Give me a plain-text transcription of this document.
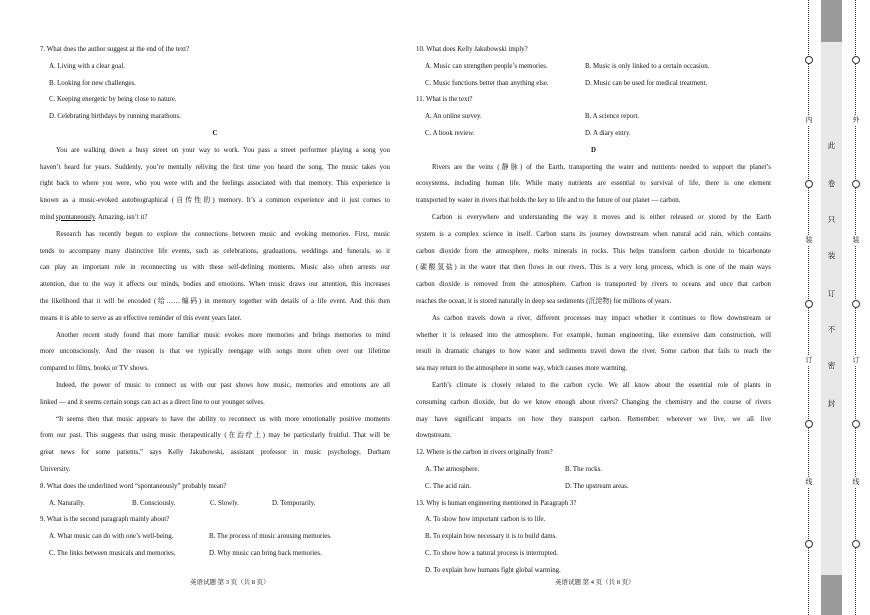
7. What does the author suggest at the end of the text?
A. Living with a clear goal.
B. Looking for new challenges.
C. Keeping energetic by being close to nature.
D. Celebrating birthdays by running marathons.
C
You are walking down a busy street on your way to work. You pass a street performer playing a song you
haven’t heard for years. Suddenly, you’re mentally reliving the first time you heard the song. The music takes you
right back to where you were, who you were with and the feelings associated with that memory. This experience is
known as a music-evoked autobiographical (自传性的) memory. It’s a common experience and it just comes to
mind spontaneously. Amazing, isn’t it?
Research has recently begun to explore the connections between music and evoking memories. First, music
tends to accompany many distinctive life events, such as celebrations, graduations, weddings and funerals, so it
can play an important role in reconnecting us with these self-defining moments. Music also often arrests our
attention, due to the way it affects our minds, bodies and emotions. When music draws our attention, this increases
the likelihood that it will be encoded (给……编码) in memory together with details of a life event. And this then
means it is able to serve as an effective reminder of this event years later.
Another recent study found that more familiar music evokes more memories and brings memories to mind
more unconsciously. And the reason is that we typically reengage with songs more often over our lifetime
compared to films, books or TV shows.
Indeed, the power of music to connect us with our past shows how music, memories and emotions are all
linked — and it seems certain songs can act as a direct line to our younger selves.
“It seems then that music appears to have the ability to reconnect us with more emotionally positive moments
from our past. This suggests that using music therapeutically (在治疗上) may be particularly fruitful. That will be
great news for some patients,” says Kelly Jakubowski, assistant professor in music psychology, Durham
University.
8. What does the underlined word “spontaneously” probably mean?
A. Naturally.	B. Consciously.	C. Slowly.	D. Temporarily.
9. What is the second paragraph mainly about?
A. What music can do with one’s well-being.	B. The process of music arousing memories.
C. The links between musicals and memories.	D. Why music can bring back memories.
英语试题 第 3 页（共 8 页）
10. What does Kelly Jakubowski imply?
A. Music can strengthen people’s memories.	B. Music is only linked to a certain occasion.
C. Music functions better than anything else.	D. Music can be used for medical treatment.
11. What is the text?
A. An online survey.	B. A science report.
C. A book review.	D. A diary entry.
D
Rivers are the veins (静脉) of the Earth, transporting the water and nutrients needed to support the planet’s
ecosystems, including human life. While many nutrients are essential to survival of life, there is one element
transported by water in rivers that holds the key to life and to the future of our planet — carbon.
Carbon is everywhere and understanding the way it moves and is either released or stored by the Earth
system is a complex science in itself. Carbon starts its journey downstream when natural acid rain, which contains
carbon dioxide from the atmosphere, melts minerals in rocks. This helps transform carbon dioxide to bicarbonate
(碳酸氢盐) in the water that then flows in our rivers. This is a very long process, which is one of the main ways
carbon dioxide is removed from the atmosphere. Carbon is transported by rivers to oceans and once that carbon
reaches the ocean, it is stored naturally in deep sea sediments (沉淀物) for millions of years.
As carbon travels down a river, different processes may impact whether it continues to flow downstream or
whether it is released into the atmosphere. For example, human engineering, like extensive dam construction, will
result in dramatic changes to how water and sediments travel down the river. Some carbon that fails to reach the
sea may return to the atmosphere in some way, which causes more warming.
Earth’s climate is closely related to the carbon cycle. We all know about the essential role of plants in
consuming carbon dioxide, but do we know enough about rivers? Changing the chemistry and the course of rivers
may have significant impacts on how they transport carbon. Remember: wherever we live, we all live
downstream.
12. Where is the carbon in rivers originally from?
A. The atmosphere.	B. The rocks.
C. The acid rain.	D. The upstream areas.
13. Why is human engineering mentioned in Paragraph 3?
A. To show how important carbon is to life.
B. To explain how necessary it is to build dams.
C. To show how a natural process is interrupted.
D. To explain how humans fight global warming.
英语试题 第 4 页（共 8 页）
内
装
订
线
此
卷
只
装
订
不
密
封
外
装
订
线
